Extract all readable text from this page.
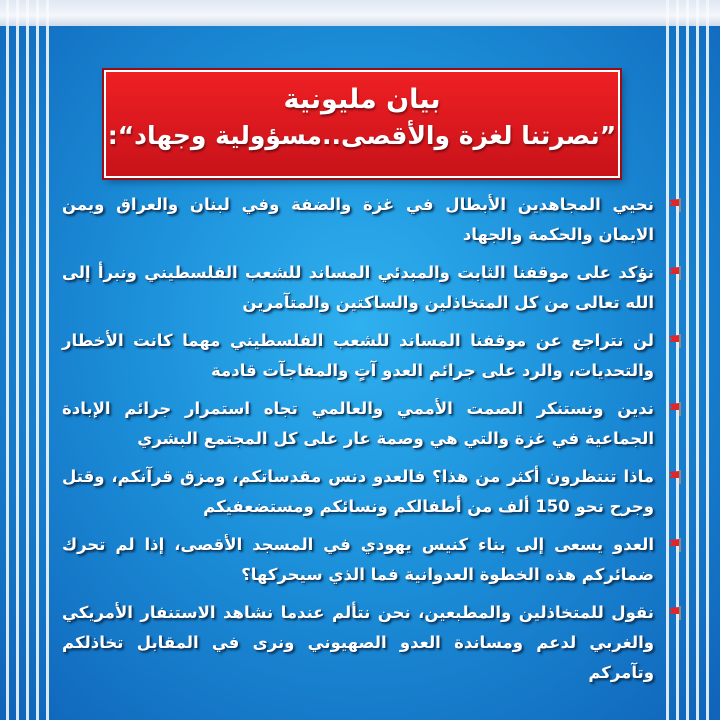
بيان مليونية
”نصرتنا لغزة والأقصى..مسؤولية وجهاد“:
نحيي المجاهدين الأبطال في غزة والضفة وفي لبنان والعراق ويمن الايمان والحكمة والجهاد
نؤكد على موقفنا الثابت والمبدئي المساند للشعب الفلسطيني ونبرأ إلى الله تعالى من كل المتخاذلين والساكتين والمتآمرين
لن نتراجع عن موقفنا المساند للشعب الفلسطيني مهما كانت الأخطار والتحديات، والرد على جرائم العدو آتٍ والمفاجآت قادمة
ندين ونستنكر الصمت الأممي والعالمي تجاه استمرار جرائم الإبادة الجماعية في غزة والتي هي وصمة عار على كل المجتمع البشري
ماذا تنتظرون أكثر من هذا؟ فالعدو دنس مقدساتكم، ومزق قرآنكم، وقتل وجرح نحو 150 ألف من أطفالكم ونسائكم ومستضعفيكم
العدو يسعى إلى بناء كنيس يهودي في المسجد الأقصى، إذا لم تحرك ضمائركم هذه الخطوة العدوانية فما الذي سيحركها؟
نقول للمتخاذلين والمطبعين، نحن نتألم عندما نشاهد الاستنفار الأمريكي والغربي لدعم ومساندة العدو الصهيوني ونرى في المقابل تخاذلكم وتآمركم
